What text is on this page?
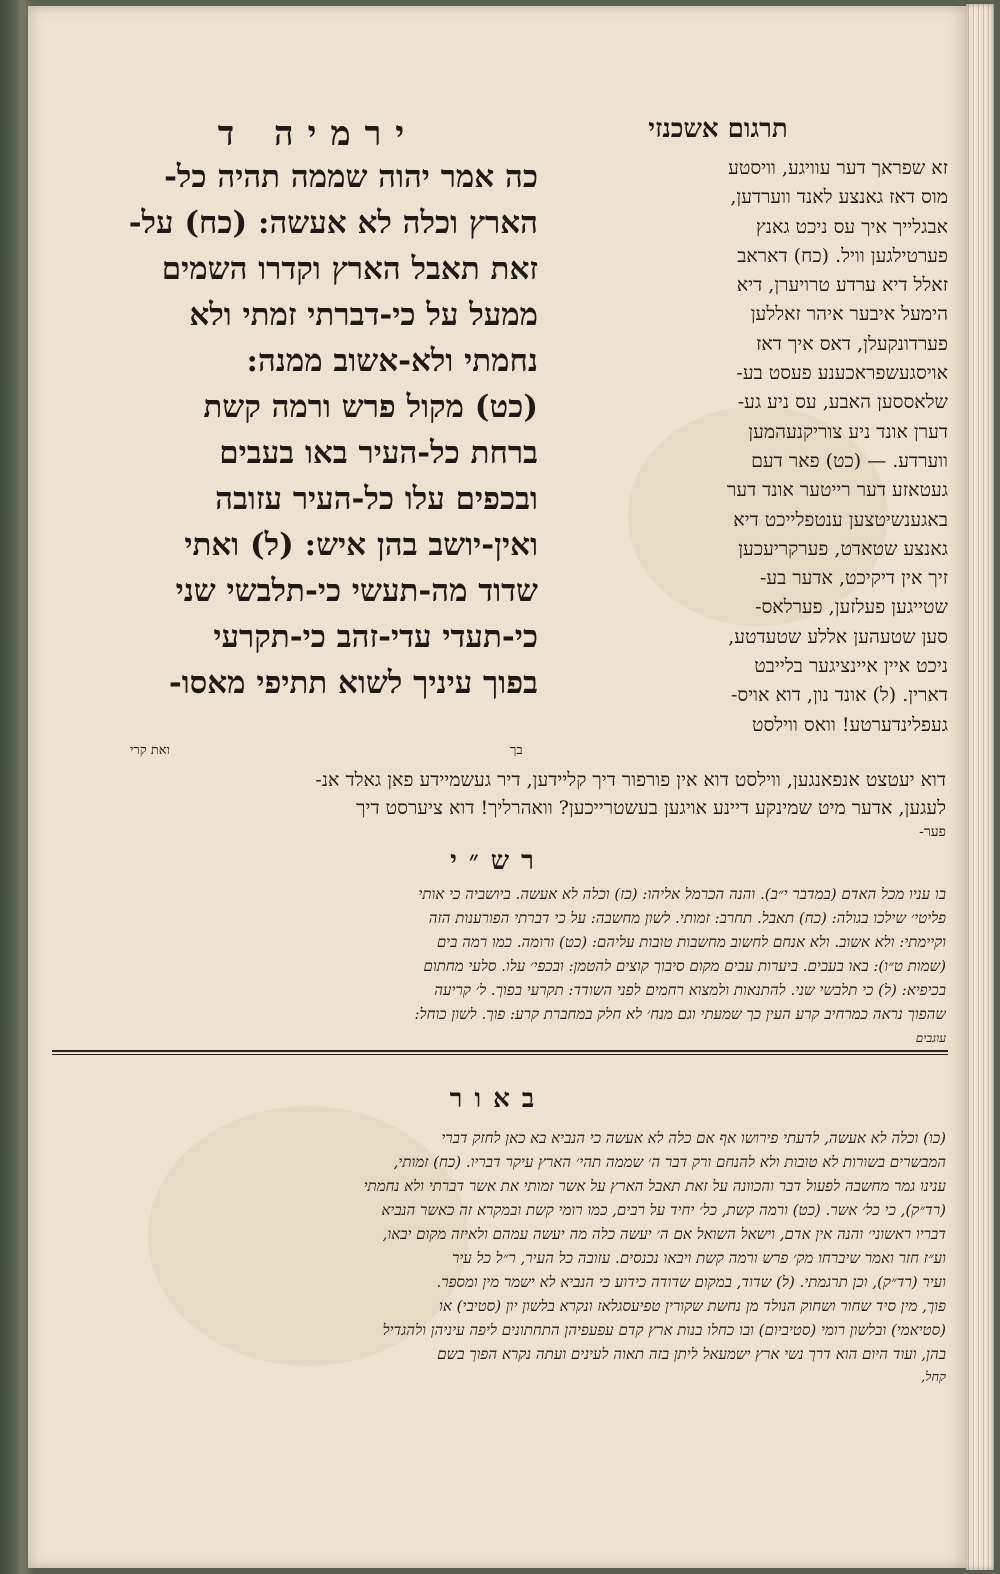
ירמיה ד	תרגום אשכנזי
כה אמר יהוה שממה תהיה כל-
הארץ וכלה לא אעשה: (כח) על-
זאת תאבל הארץ וקדרו השמים
ממעל על כי-דברתי זמתי ולא
נחמתי ולא-אשוב ממנה:
(כט) מקול פרש ורמה קשת
ברחת כל-העיר באו בעבים
ובכפים עלו כל-העיר עזובה
ואין-יושב בהן איש: (ל) ואתי
שדוד מה-תעשי כי-תלבשי שני
כי-תעדי עדי-זהב כי-תקרעי
בפוך עיניך לשוא תתיפי מאסו-
ואת קרי	בך
זא שפראך דער עוויגע, וויסטע
מוס דאז גאנצע לאנד ווערדען,
אבגלייך איך עס ניכט גאנץ
פערטילגען וויל. (כח) דאראב
זאלל דיא ערדע טרויערן, דיא
הימעל איבער איהר זאללען
פערדונקעלן, דאס איך דאז
אויסגעשפראכענע פעסט בע-
שלאססען האבע, עס ניע גע-
דערן אונד ניע צוריקנעהמען
ווערדע. — (כט) פאר דעם
געטאזע דער רייטער אונד דער
באגענשיטצען ענטפלייכט דיא
גאנצע שטאדט, פערקריעכען
זיך אין דיקיכט, אדער בע-
שטייגען פעלזען, פערלאס-
סען שטעהען אללע שטעדטע,
ניכט איין איינציגער בלייבט
דארין. (ל) אונד נון, דוא אויס-
געפלינדערטע! וואס ווילסט
דוא יעטצט אנפאנגען, ווילסט דוא אין פורפור דיך קליידען, דיר געשמיידע פאן גאלד אנ-
לעגען, אדער מיט שמינקע דיינע אויגען בעשטרייכען? וואהרליך! דוא ציערסט דיך
פער-
רש״י
בו עניו מכל האדם (במדבר י״ב). והנה הכרמל אליהו: (כז) וכלה לא אעשה. ביושביה כי אותי
פליטי׳ שילכו בגולה: (כח) תאבל. תחרב: זמותי. לשון מחשבה: על כי דברתי הפורענות הזה
וקיימתי: ולא אשוב. ולא אנחם לחשוב מחשבות טובות עליהם: (כט) ורומה. כמו רמה בים
(שמות ט״ו): באו בעבים. ביערות עבים מקום סיבוך קוצים להטמן: ובכפי׳ עלו. סלעי מחתום
בכיפיא: (ל) כי תלבשי שני. להתנאות ולמצוא רחמים לפני השודד: תקרעי בפוך. ל׳ קריעה
שהפוך נראה כמרחיב קרע העין כך שמעתי וגם מנח׳ לא חלק במחברת קרע: פוך. לשון כוחל:
עוגבים
באור
(כו) וכלה לא אעשה, לדעתי פירושו אף אם כלה לא אעשה כי הנביא בא כאן לחזק דברי
המבשרים בשורות לא טובות ולא להנחם ורק דבר ה׳ שממה תהי׳ הארץ עיקר דבריו. (כח) זמותי,
ענינו גמר מחשבה לפעול דבר והכוונה על זאת תאבל הארץ על אשר זמותי את אשר דברתי ולא נחמתי
(רד״ק), כי כל׳ אשר. (כט) ורמה קשת, כל׳ יחיד על רבים, כמו רומי קשת ובמקרא זה כאשר הנביא
דבריו ראשוני׳ והנה אין אדם, וישאל השואל אם ה׳ יעשה כלה מה יעשה עמהם ולאיזה מקום יבאו,
וע״ז חזר ואמר שיברחו מק׳ פרש ורמה קשת ויבאו נכנסים. עזובה כל העיר, ר״ל כל עיר
ועיר (רד״ק), וכן תרגמתי. (ל) שדוד, במקום שדודה כידוע כי הנביא לא ישמר מין ומספר.
פוך, מין סיד שחור ושחוק הנולד מן נחשת שקורין טפיעסגלאז ונקרא בלשון יון (סטיבי) או
(סטיאמי) ובלשון רומי (סטיביום) ובו כחלו בנות ארץ קדם עפעפיהן התחתונים ליפה עיניהן ולהגדיל
בהן, ועוד היום הוא דרך נשי ארץ ישמעאל ליתן בזה תאוה לעינים ועתה נקרא הפוך בשם
קחל,
